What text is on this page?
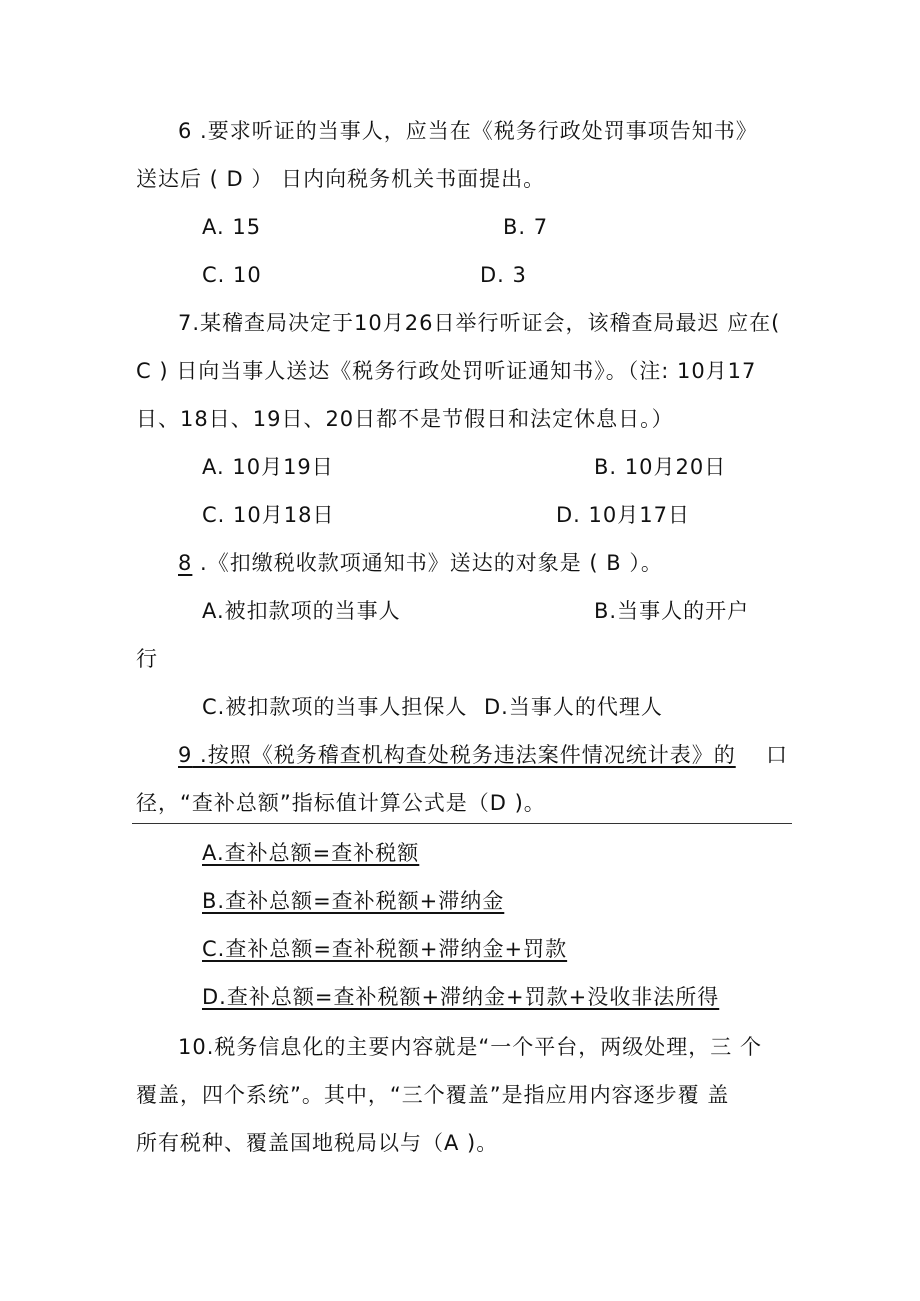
6 .要求听证的当事人，应当在《税务行政处罚事项告知书》
送达后 ( D ） 日内向税务机关书面提出。
A. 15	B. 7
C. 10	D. 3
7.某稽查局决定于10月26日举行听证会，该稽查局最迟 应在(
C ) 日向当事人送达《税务行政处罚听证通知书》。（注: 10月17
日、18日、19日、20日都不是节假日和法定休息日。）
A. 10月19日	B. 10月20日
C. 10月18日	D. 10月17日
8 .《扣缴税收款项通知书》送达的对象是 ( B ）。
A.被扣款项的当事人	B.当事人的开户
行
C.被扣款项的当事人担保人 D.当事人的代理人
9 .按照《税务稽查机构查处税务违法案件情况统计表》的 口
径，“查补总额”指标值计算公式是（D )。
A.查补总额=查补税额
B.查补总额=查补税额+滞纳金
C.查补总额=查补税额+滞纳金+罚款
D.查补总额=查补税额+滞纳金+罚款+没收非法所得
10.税务信息化的主要内容就是“一个平台，两级处理，三 个
覆盖，四个系统”。其中，“三个覆盖”是指应用内容逐步覆 盖
所有税种、覆盖国地税局以与（A )。
